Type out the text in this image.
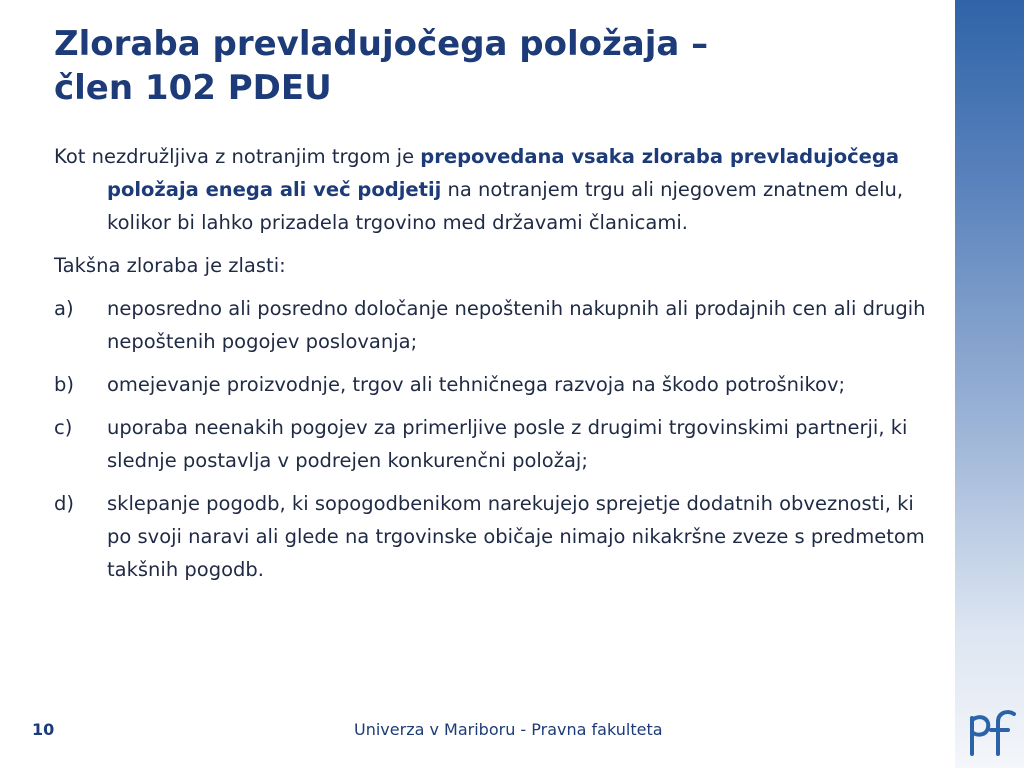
Zloraba prevladujočega položaja –
člen 102 PDEU

Kot nezdružljiva z notranjim trgom je prepovedana vsaka zloraba prevladujočega položaja enega ali več podjetij na notranjem trgu ali njegovem znatnem delu, kolikor bi lahko prizadela trgovino med državami članicami.

Takšna zloraba je zlasti:

a)	neposredno ali posredno določanje nepoštenih nakupnih ali prodajnih cen ali drugih nepoštenih pogojev poslovanja;
b)	omejevanje proizvodnje, trgov ali tehničnega razvoja na škodo potrošnikov;
c)	uporaba neenakih pogojev za primerljive posle z drugimi trgovinskimi partnerji, ki slednje postavlja v podrejen konkurenčni položaj;
d)	sklepanje pogodb, ki sopogodbenikom narekujejo sprejetje dodatnih obveznosti, ki po svoji naravi ali glede na trgovinske običaje nimajo nikakršne zveze s predmetom takšnih pogodb.
10	Univerza v Mariboru - Pravna fakulteta
